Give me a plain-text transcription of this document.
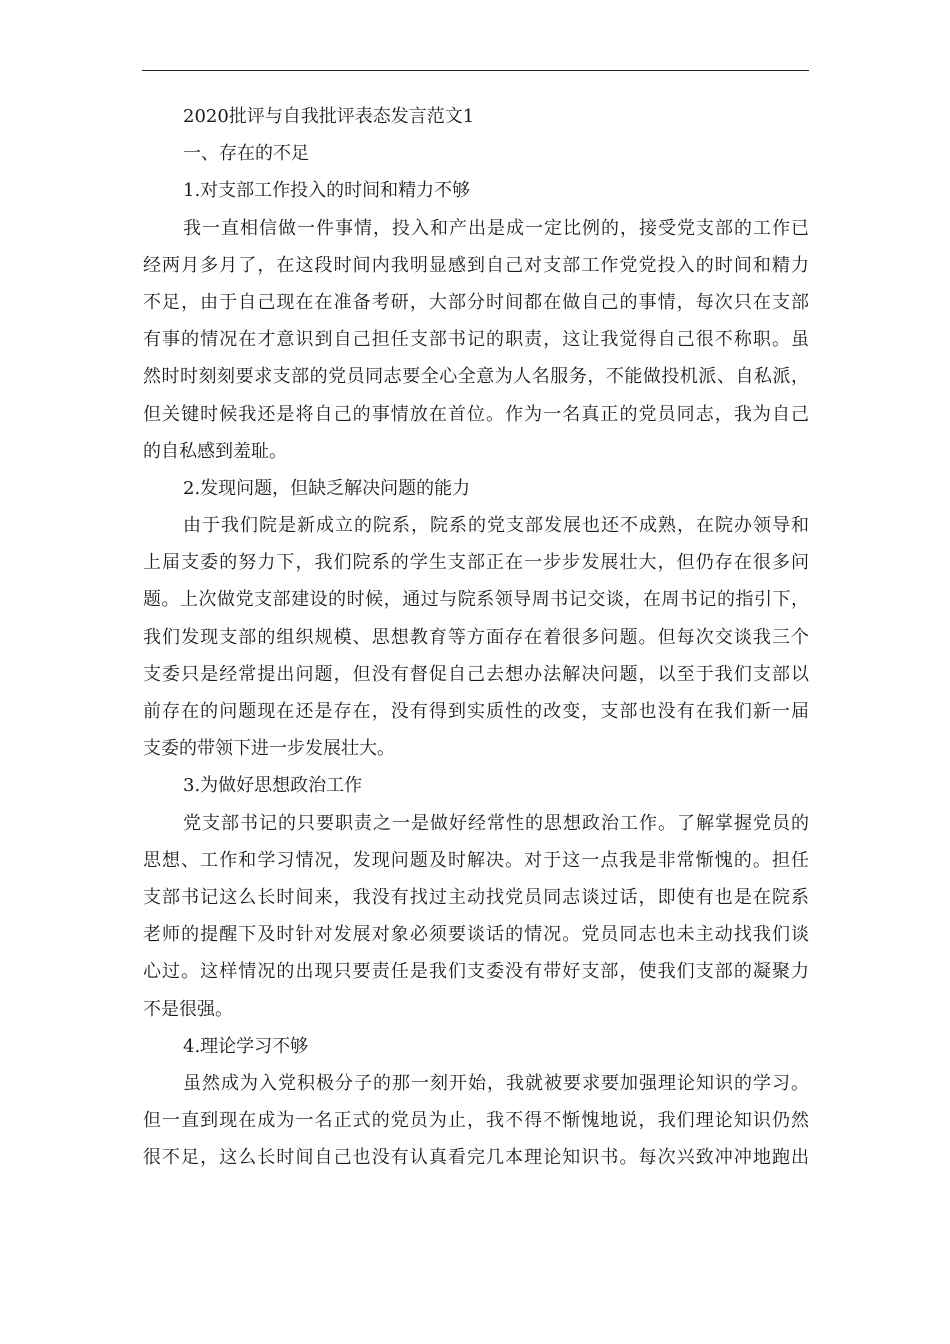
2020批评与自我批评表态发言范文1
一、存在的不足
1.对支部工作投入的时间和精力不够
我一直相信做一件事情，投入和产出是成一定比例的，接受党支部的工作已
经两月多月了，在这段时间内我明显感到自己对支部工作党党投入的时间和精力
不足，由于自己现在在准备考研，大部分时间都在做自己的事情，每次只在支部
有事的情况在才意识到自己担任支部书记的职责，这让我觉得自己很不称职。虽
然时时刻刻要求支部的党员同志要全心全意为人名服务，不能做投机派、自私派，
但关键时候我还是将自己的事情放在首位。作为一名真正的党员同志，我为自己
的自私感到羞耻。
2.发现问题，但缺乏解决问题的能力
由于我们院是新成立的院系，院系的党支部发展也还不成熟，在院办领导和
上届支委的努力下，我们院系的学生支部正在一步步发展壮大，但仍存在很多问
题。上次做党支部建设的时候，通过与院系领导周书记交谈，在周书记的指引下，
我们发现支部的组织规模、思想教育等方面存在着很多问题。但每次交谈我三个
支委只是经常提出问题，但没有督促自己去想办法解决问题，以至于我们支部以
前存在的问题现在还是存在，没有得到实质性的改变，支部也没有在我们新一届
支委的带领下进一步发展壮大。
3.为做好思想政治工作
党支部书记的只要职责之一是做好经常性的思想政治工作。了解掌握党员的
思想、工作和学习情况，发现问题及时解决。对于这一点我是非常惭愧的。担任
支部书记这么长时间来，我没有找过主动找党员同志谈过话，即使有也是在院系
老师的提醒下及时针对发展对象必须要谈话的情况。党员同志也未主动找我们谈
心过。这样情况的出现只要责任是我们支委没有带好支部，使我们支部的凝聚力
不是很强。
4.理论学习不够
虽然成为入党积极分子的那一刻开始，我就被要求要加强理论知识的学习。
但一直到现在成为一名正式的党员为止，我不得不惭愧地说，我们理论知识仍然
很不足，这么长时间自己也没有认真看完几本理论知识书。每次兴致冲冲地跑出
